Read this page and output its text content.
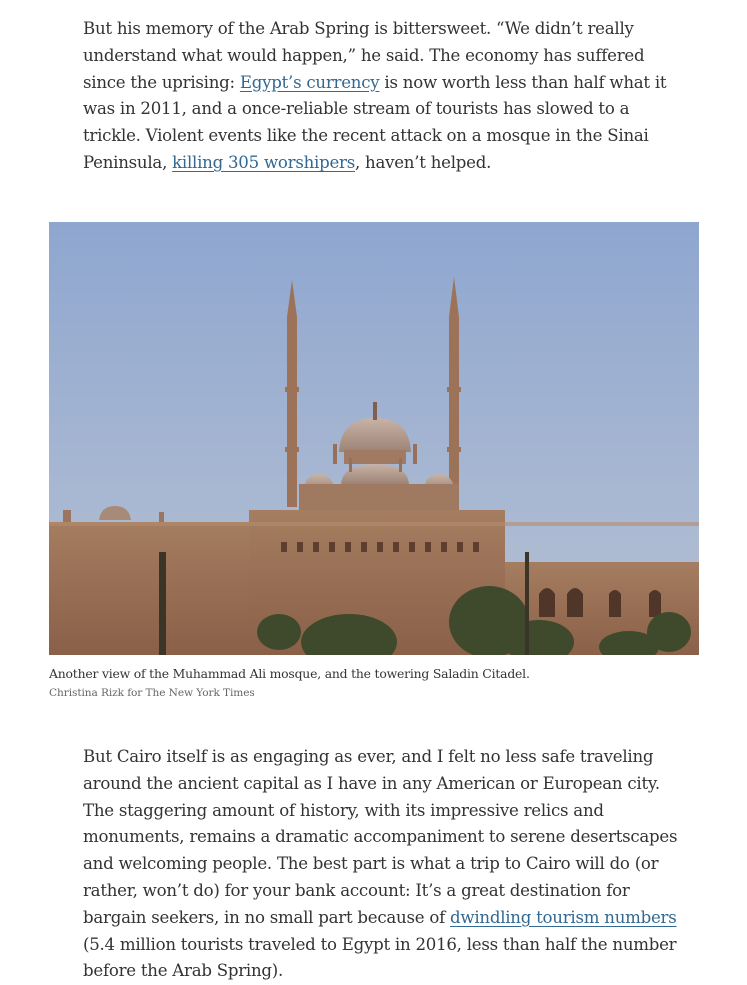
But his memory of the Arab Spring is bittersweet. “We didn’t really understand what would happen,” he said. The economy has suffered since the uprising: Egypt’s currency is now worth less than half what it was in 2011, and a once-reliable stream of tourists has slowed to a trickle. Violent events like the recent attack on a mosque in the Sinai Peninsula, killing 305 worshipers, haven’t helped.

Another view of the Muhammad Ali mosque, and the towering Saladin Citadel.
Christina Rizk for The New York Times

But Cairo itself is as engaging as ever, and I felt no less safe traveling around the ancient capital as I have in any American or European city. The staggering amount of history, with its impressive relics and monuments, remains a dramatic accompaniment to serene desertscapes and welcoming people. The best part is what a trip to Cairo will do (or rather, won’t do) for your bank account: It’s a great destination for bargain seekers, in no small part because of dwindling tourism numbers (5.4 million tourists traveled to Egypt in 2016, less than half the number before the Arab Spring).
